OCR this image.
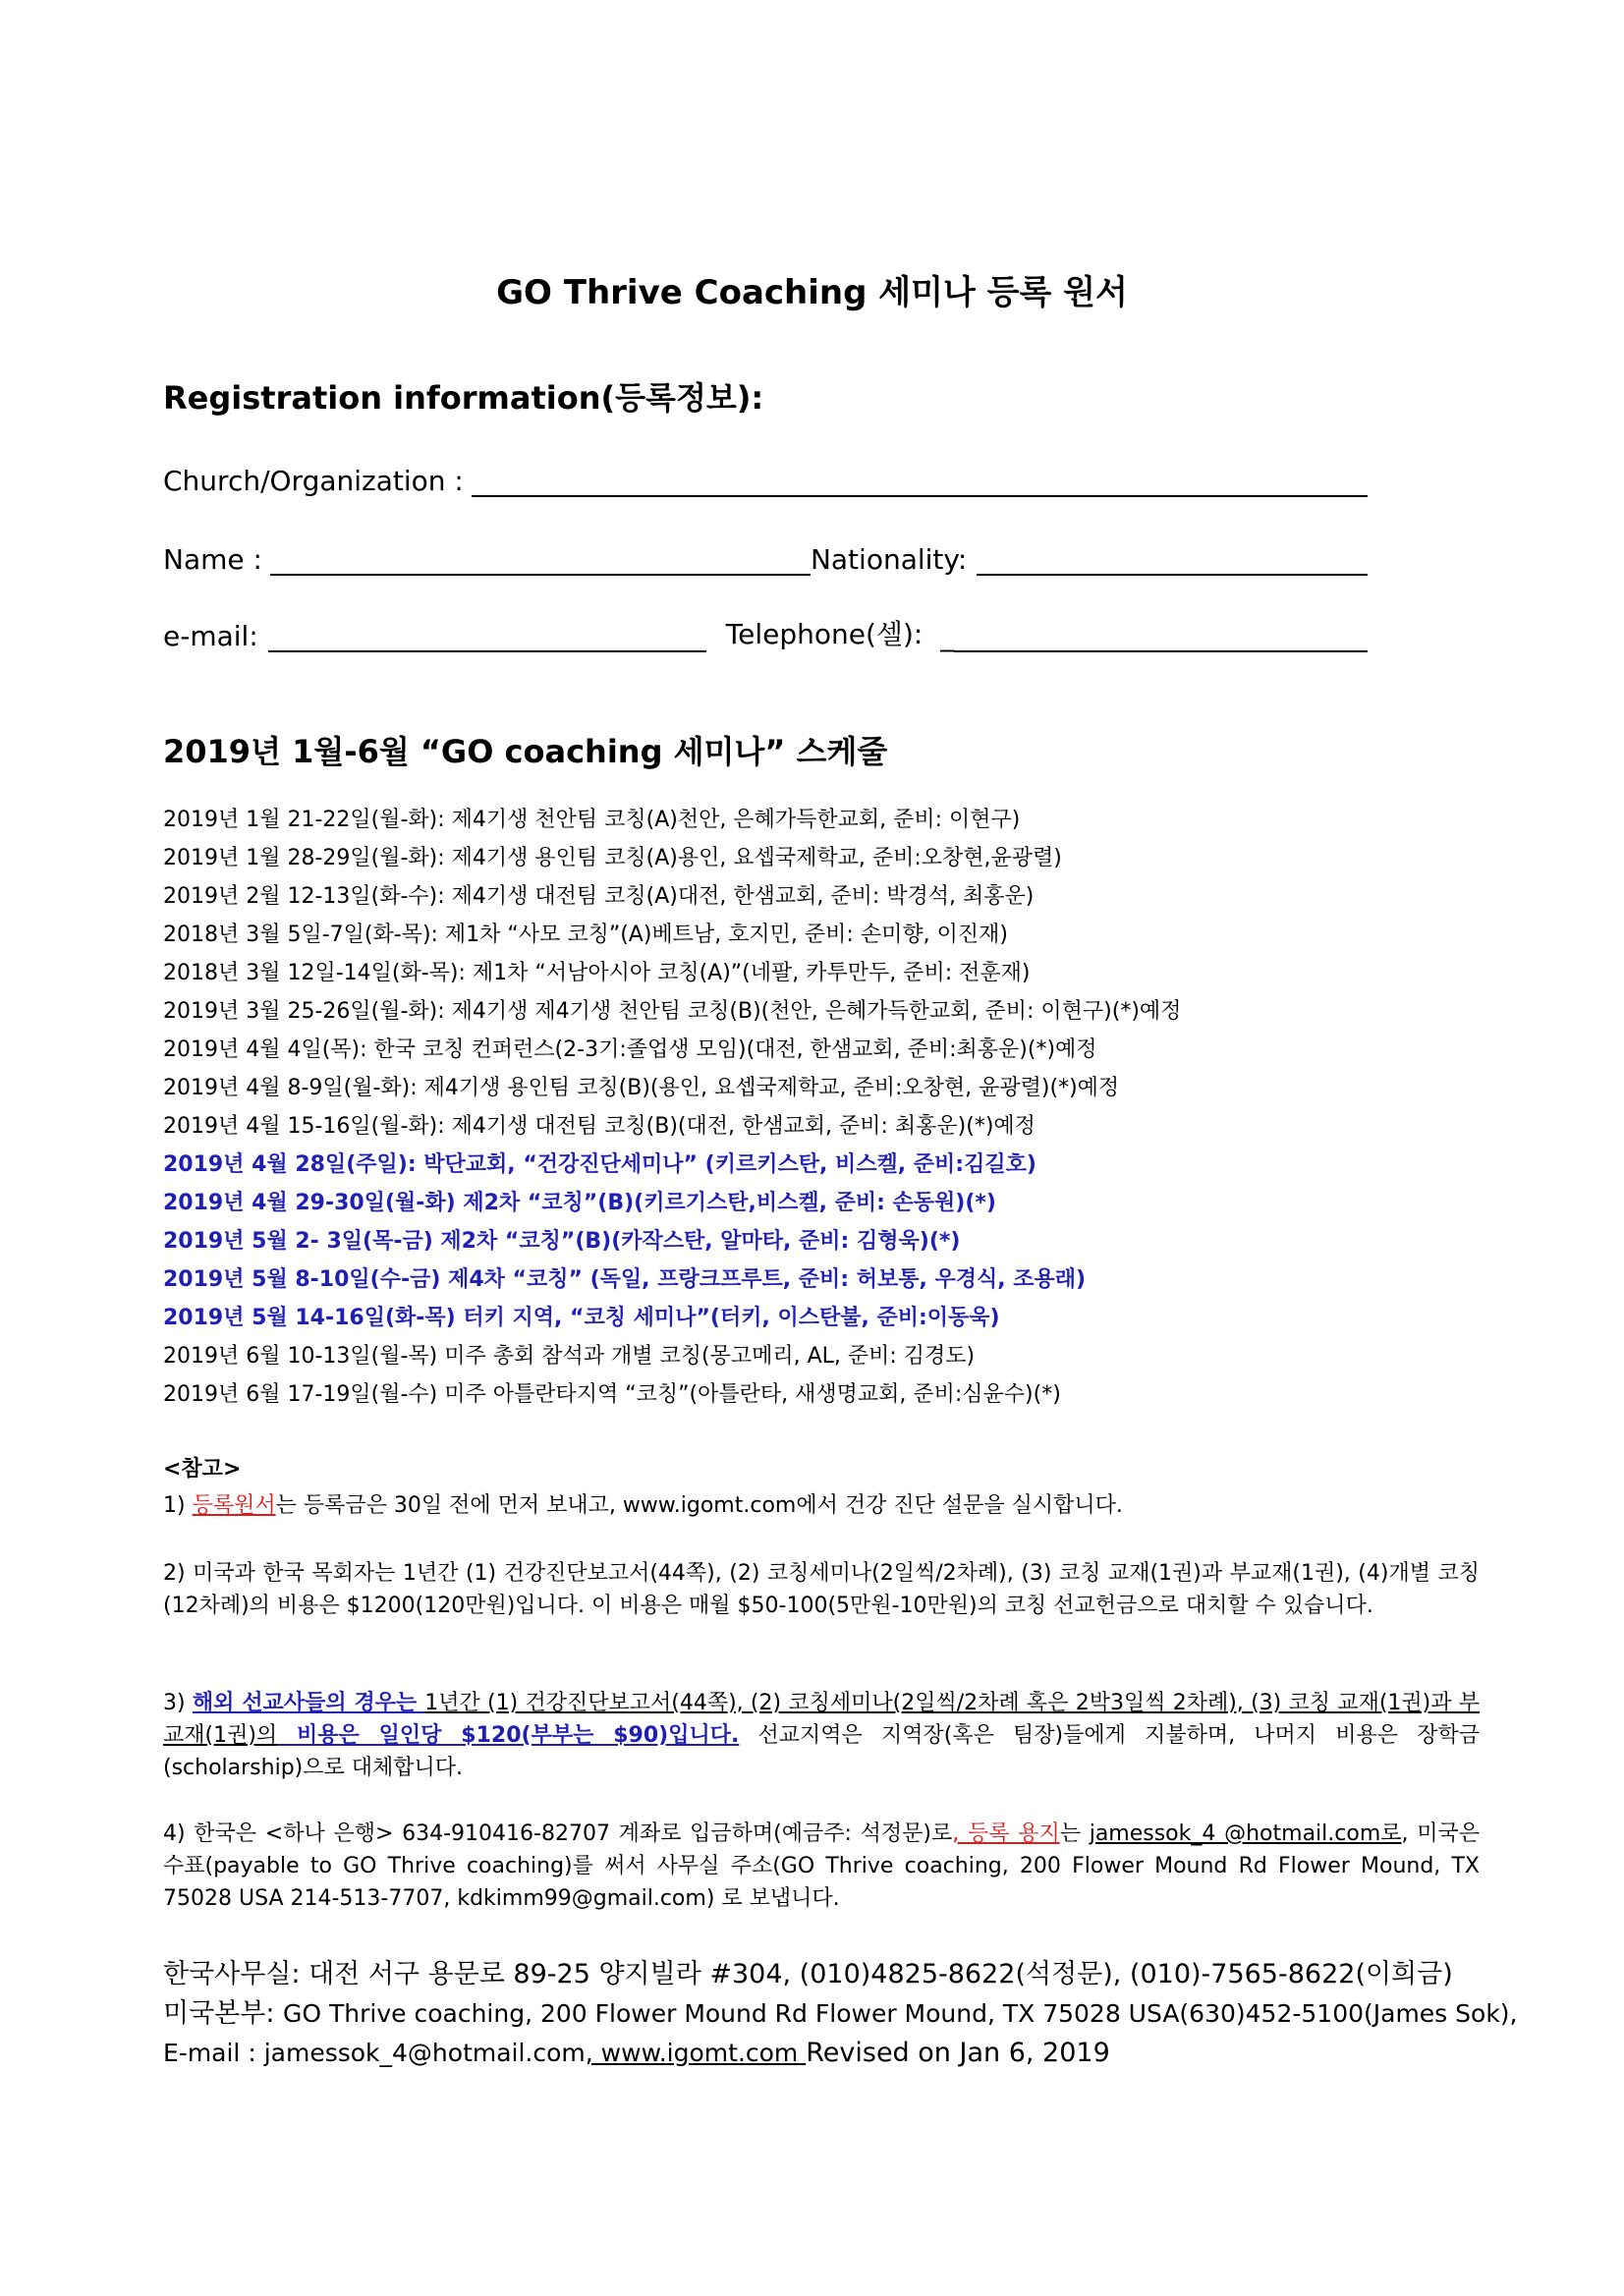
GO Thrive Coaching 세미나 등록 원서
Registration information(등록정보):
Church/Organization :
Name :	Nationality:
e-mail:	Telephone(셀): _
2019년 1월-6월 “GO coaching 세미나” 스케줄
2019년 1월 21-22일(월-화): 제4기생 천안팀 코칭(A)천안, 은혜가득한교회, 준비: 이현구)
2019년 1월 28-29일(월-화): 제4기생 용인팀 코칭(A)용인, 요셉국제학교, 준비:오창현,윤광렬)
2019년 2월 12-13일(화-수): 제4기생 대전팀 코칭(A)대전, 한샘교회, 준비: 박경석, 최홍운)
2018년 3월 5일-7일(화-목): 제1차 “사모 코칭”(A)베트남, 호지민, 준비: 손미향, 이진재)
2018년 3월 12일-14일(화-목): 제1차 “서남아시아 코칭(A)”(네팔, 카투만두, 준비: 전훈재)
2019년 3월 25-26일(월-화): 제4기생 제4기생 천안팀 코칭(B)(천안, 은혜가득한교회, 준비: 이현구)(*)예정
2019년 4월 4일(목): 한국 코칭 컨퍼런스(2-3기:졸업생 모임)(대전, 한샘교회, 준비:최홍운)(*)예정
2019년 4월 8-9일(월-화): 제4기생 용인팀 코칭(B)(용인, 요셉국제학교, 준비:오창현, 윤광렬)(*)예정
2019년 4월 15-16일(월-화): 제4기생 대전팀 코칭(B)(대전, 한샘교회, 준비: 최홍운)(*)예정
2019년 4월 28일(주일): 박단교회, “건강진단세미나” (키르키스탄, 비스켈, 준비:김길호)
2019년 4월 29-30일(월-화) 제2차 “코칭”(B)(키르기스탄,비스켈, 준비: 손동원)(*)
2019년 5월 2- 3일(목-금) 제2차 “코칭”(B)(카작스탄, 알마타, 준비: 김형욱)(*)
2019년 5월 8-10일(수-금) 제4차 “코칭” (독일, 프랑크프루트, 준비: 허보통, 우경식, 조용래)
2019년 5월 14-16일(화-목) 터키 지역, “코칭 세미나”(터키, 이스탄불, 준비:이동욱)
2019년 6월 10-13일(월-목) 미주 총회 참석과 개별 코칭(몽고메리, AL, 준비: 김경도)
2019년 6월 17-19일(월-수) 미주 아틀란타지역 “코칭”(아틀란타, 새생명교회, 준비:심윤수)(*)
<참고>

1) 등록원서는 등록금은 30일 전에 먼저 보내고, www.igomt.com에서 건강 진단 설문을 실시합니다.

2) 미국과 한국 목회자는 1년간 (1) 건강진단보고서(44쪽), (2) 코칭세미나(2일씩/2차례), (3) 코칭 교재(1권)과 부교재(1권), (4)개별 코칭(12차례)의 비용은 $1200(120만원)입니다. 이 비용은 매월 $50-100(5만원-10만원)의 코칭 선교헌금으로 대치할 수 있습니다.

3) 해외 선교사들의 경우는 1년간 (1) 건강진단보고서(44쪽), (2) 코칭세미나(2일씩/2차례 혹은 2박3일씩 2차례), (3) 코칭 교재(1권)과 부교재(1권)의 비용은 일인당 $120(부부는 $90)입니다. 선교지역은 지역장(혹은 팀장)들에게 지불하며, 나머지 비용은 장학금(scholarship)으로 대체합니다.

4) 한국은 <하나 은행> 634-910416-82707 계좌로 입금하며(예금주: 석정문)로, 등록 용지는 jamessok_4 @hotmail.com로, 미국은 수표(payable to GO Thrive coaching)를 써서 사무실 주소(GO Thrive coaching, 200 Flower Mound Rd Flower Mound, TX 75028 USA 214-513-7707, kdkimm99@gmail.com) 로 보냅니다.

한국사무실: 대전 서구 용문로 89-25 양지빌라 #304, (010)4825-8622(석정문), (010)-7565-8622(이희금)
미국본부: GO Thrive coaching, 200 Flower Mound Rd Flower Mound, TX 75028 USA(630)452-5100(James Sok),
E-mail : jamessok_4@hotmail.com, www.igomt.com Revised on Jan 6, 2019
